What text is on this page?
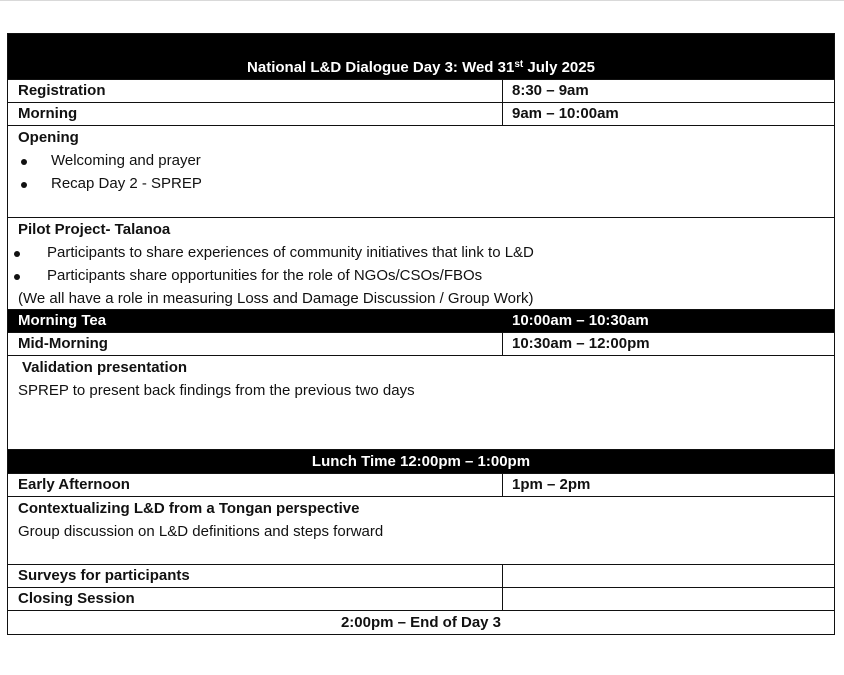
National L&D Dialogue Day 3: Wed 31st July 2025
Registration	8:30 – 9am
Morning	9am – 10:00am
Opening
Welcoming and prayer
Recap Day 2 - SPREP
Pilot Project- Talanoa
Participants to share experiences of community initiatives that link to L&D
Participants share opportunities for the role of NGOs/CSOs/FBOs
(We all have a role in measuring Loss and Damage Discussion / Group Work)
Morning Tea	10:00am – 10:30am
Mid-Morning	10:30am – 12:00pm
Validation presentation
SPREP to present back findings from the previous two days
Lunch Time 12:00pm – 1:00pm
Early Afternoon	1pm – 2pm
Contextualizing L&D from a Tongan perspective
Group discussion on L&D definitions and steps forward
Surveys for participants
Closing Session
2:00pm – End of Day 3
